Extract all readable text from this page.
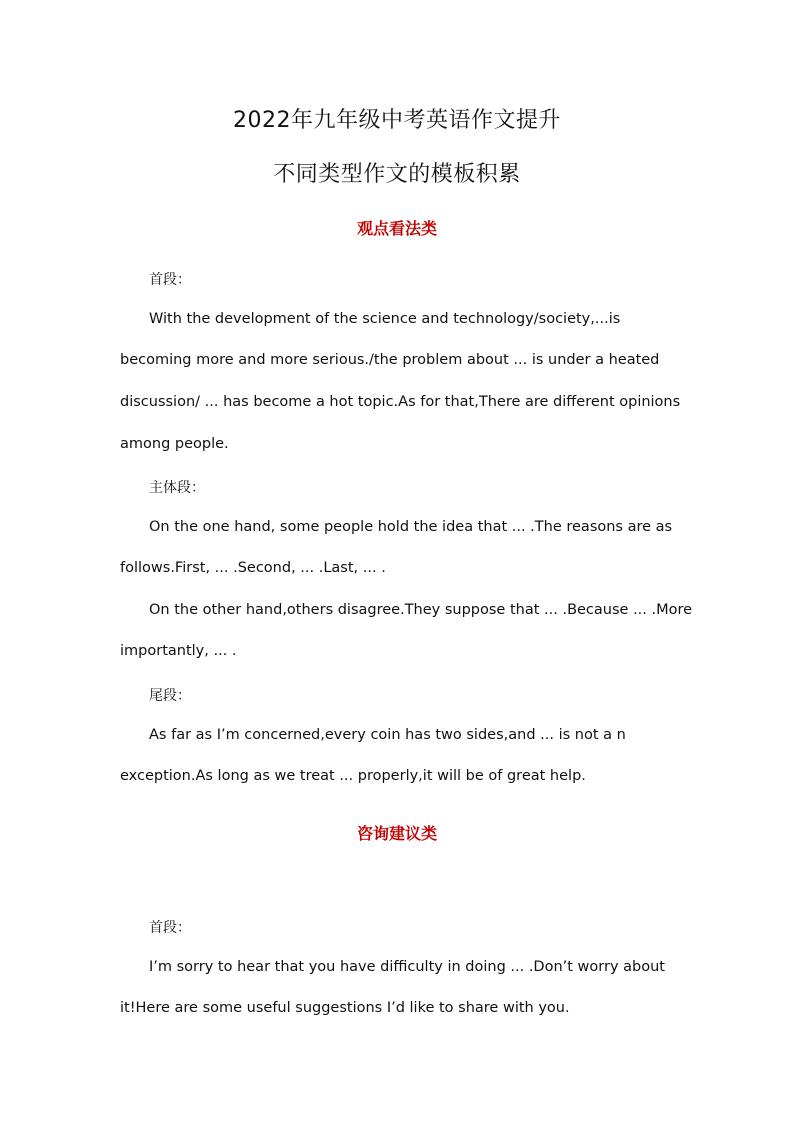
2022年九年级中考英语作文提升
不同类型作文的模板积累
观点看法类
首段：
With the development of the science and technology/society,...is
becoming more and more serious./the problem about ... is under a heated
discussion/ ... has become a hot topic.As for that,There are different opinions
among people.
主体段：
On the one hand, some people hold the idea that ... .The reasons are as
follows.First, ... .Second, ... .Last, ... .
On the other hand,others disagree.They suppose that ... .Because ... .More
importantly, ... .
尾段：
As far as I’m concerned,every coin has two sides,and ... is not a n
exception.As long as we treat ... properly,it will be of great help.
咨询建议类
首段：
I’m sorry to hear that you have difficulty in doing ... .Don’t worry about
it!Here are some useful suggestions I’d like to share with you.
